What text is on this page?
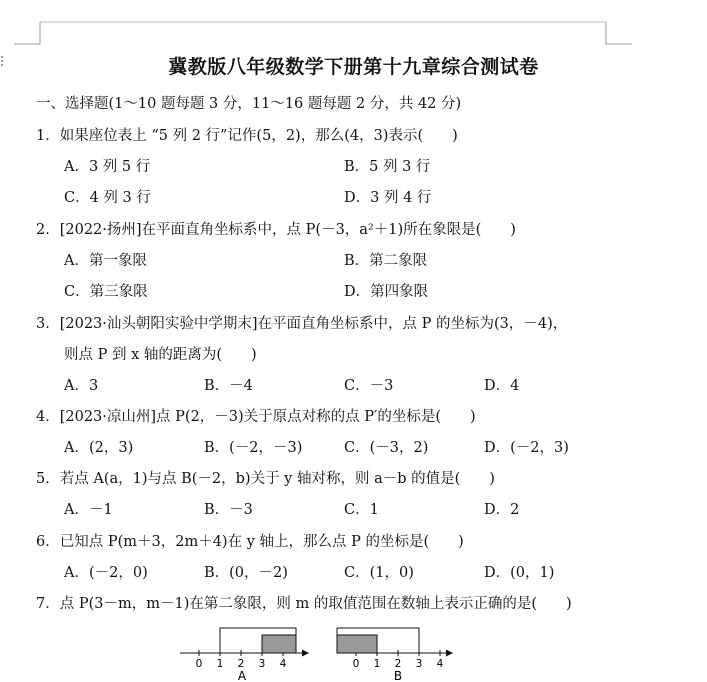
冀教版八年级数学下册第十九章综合测试卷
一、选择题(1～10 题每题 3 分，11～16 题每题 2 分，共 42 分)
1．如果座位表上 “5 列 2 行”记作(5，2)，那么(4，3)表示(　　)
A．3 列 5 行	B．5 列 3 行
C．4 列 3 行	D．3 列 4 行
2．[2022·扬州]在平面直角坐标系中，点 P(－3，a²＋1)所在象限是(　　)
A．第一象限	B．第二象限
C．第三象限	D．第四象限
3．[2023·汕头朝阳实验中学期末]在平面直角坐标系中，点 P 的坐标为(3，－4)，
则点 P 到 x 轴的距离为(　　)
A．3	B．－4	C．－3	D．4
4．[2023·凉山州]点 P(2，－3)关于原点对称的点 P′的坐标是(　　)
A．(2，3)	B．(－2，－3)	C．(－3，2)	D．(－2，3)
5．若点 A(a，1)与点 B(－2，b)关于 y 轴对称，则 a－b 的值是(　　)
A．－1	B．－3	C．1	D．2
6．已知点 P(m＋3，2m＋4)在 y 轴上，那么点 P 的坐标是(　　)
A．(－2，0)	B．(0，－2)	C．(1，0)	D．(0，1)
7．点 P(3－m，m－1)在第二象限，则 m 的取值范围在数轴上表示正确的是(　　)
0 1 2 3 4
A
0 1 2 3 4
B
